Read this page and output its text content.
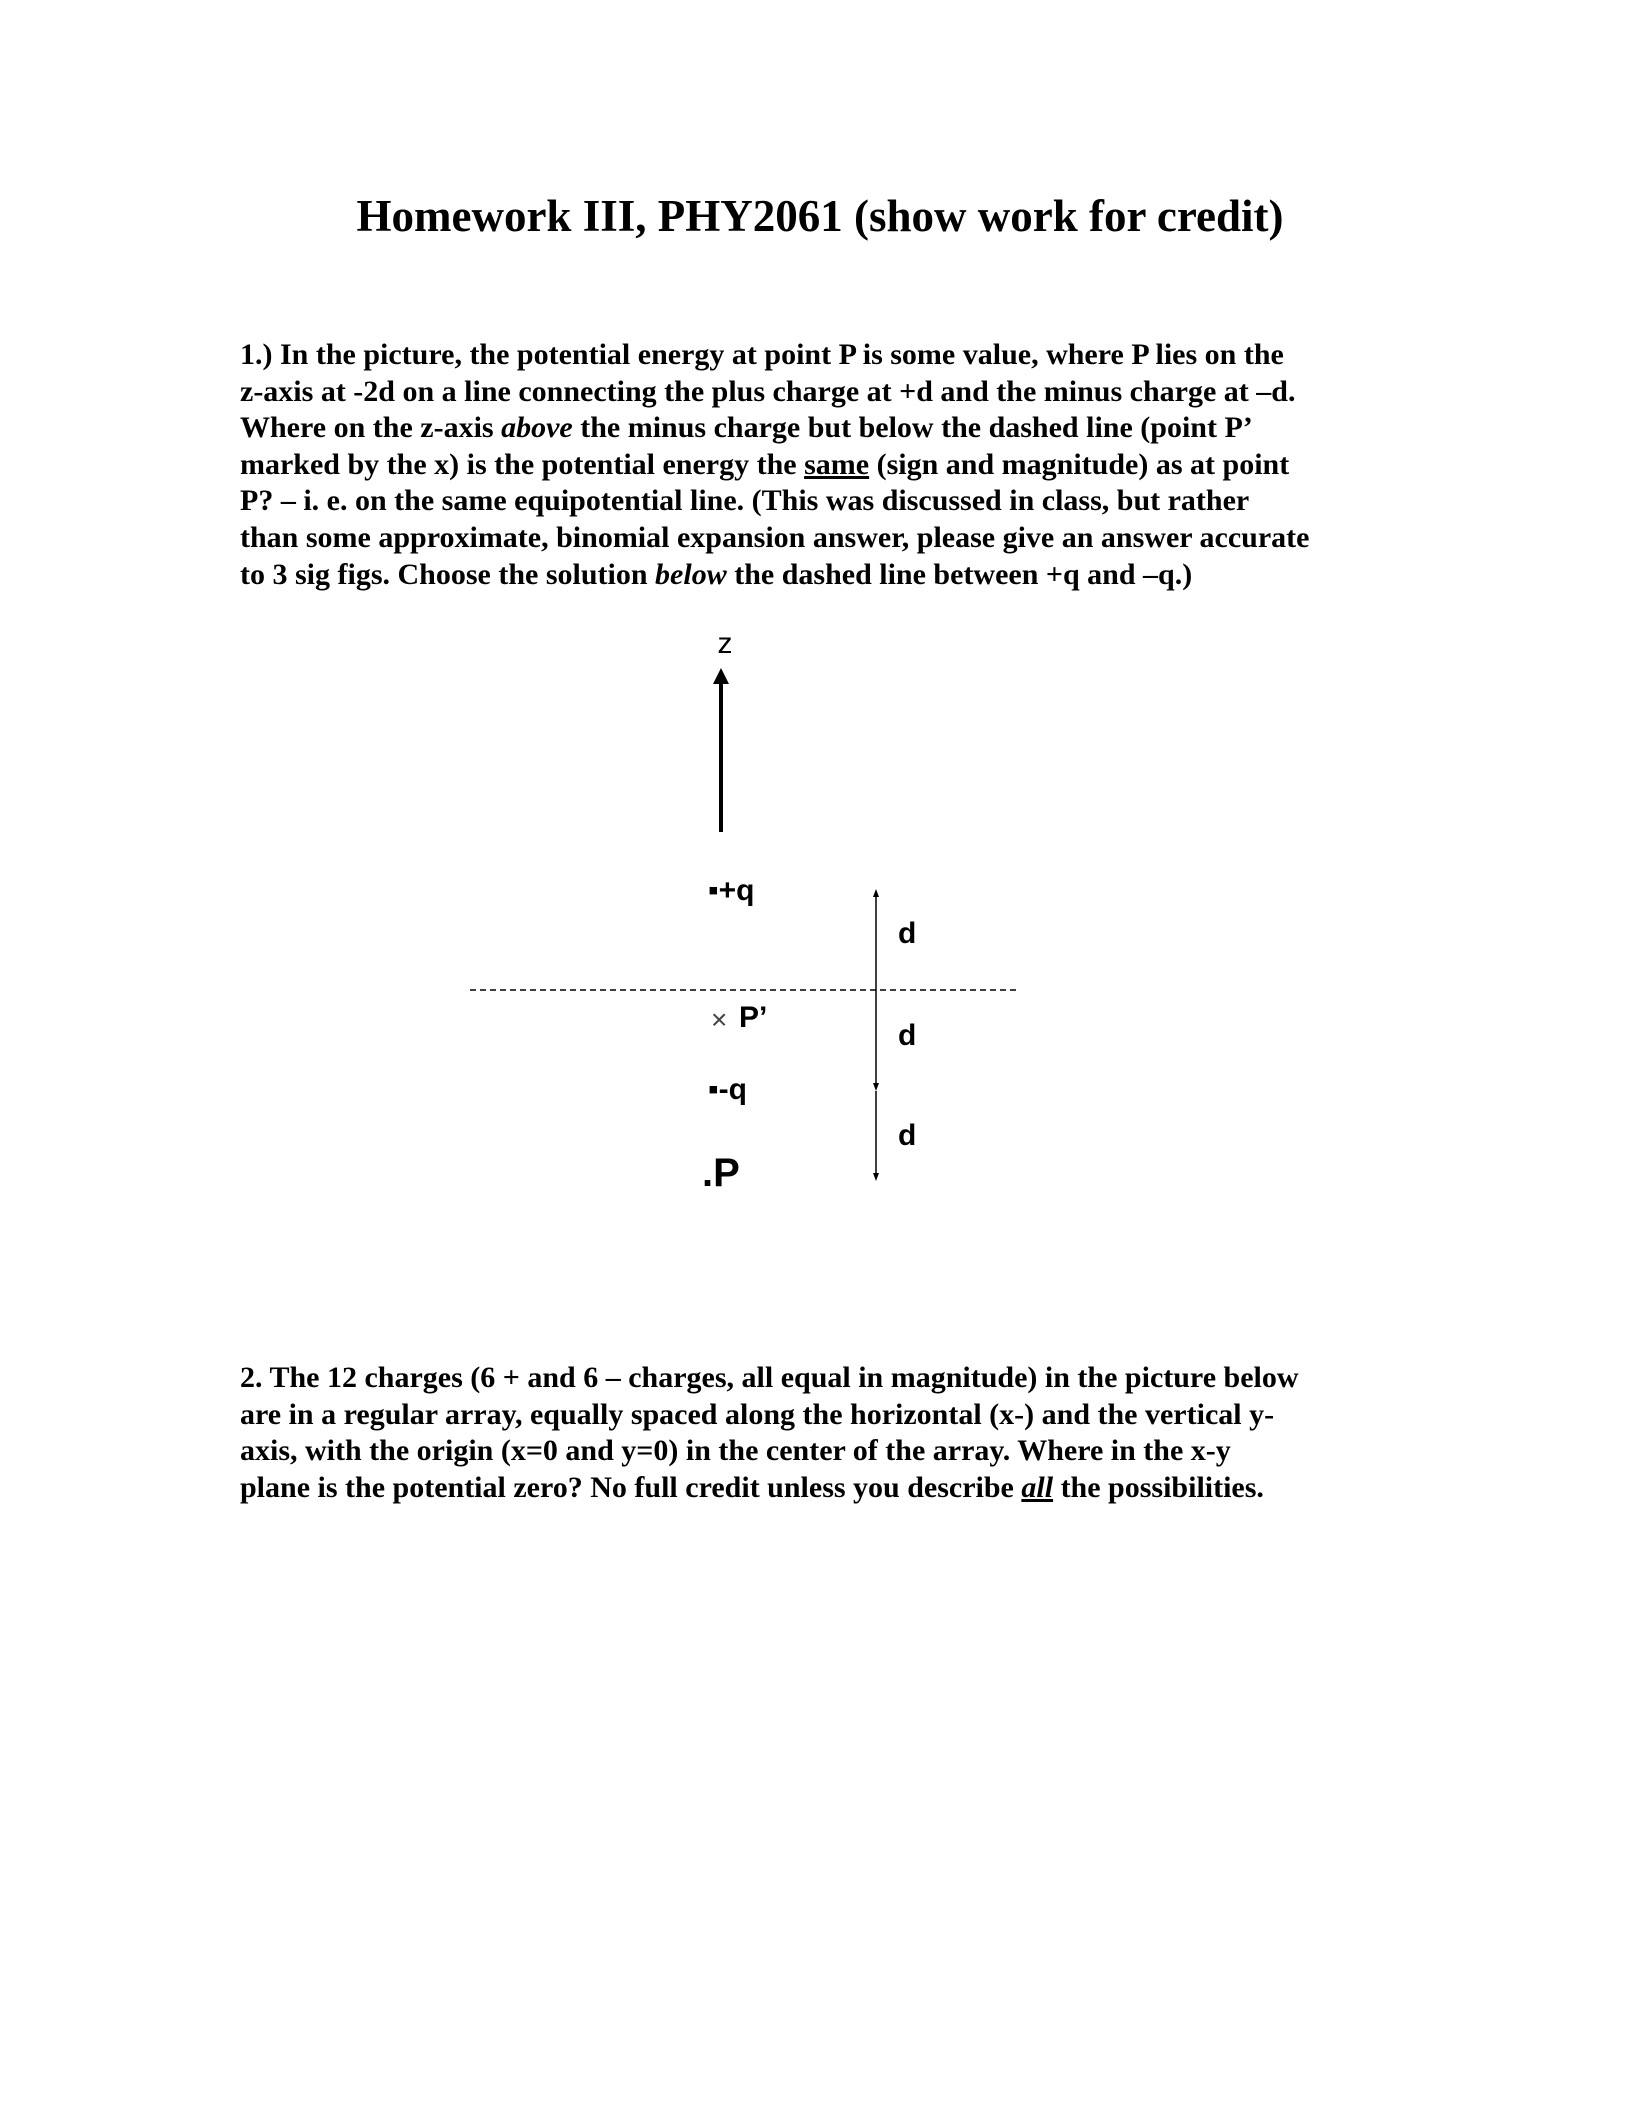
Homework III, PHY2061 (show work for credit)
1.) In the picture, the potential energy at point P is some value, where P lies on the
z-axis at -2d on a line connecting the plus charge at +d and the minus charge at –d.
Where on the z-axis above the minus charge but below the dashed line (point P’
marked by the x) is the potential energy the same (sign and magnitude) as at point
P? – i. e. on the same equipotential line. (This was discussed in class, but rather
than some approximate, binomial expansion answer, please give an answer accurate
to 3 sig figs. Choose the solution below the dashed line between +q and –q.)
z
▪+q
× P’
▪-q
.P
d
d
d
2. The 12 charges (6 + and 6 – charges, all equal in magnitude) in the picture below
are in a regular array, equally spaced along the horizontal (x-) and the vertical y-
axis, with the origin (x=0 and y=0) in the center of the array. Where in the x-y
plane is the potential zero? No full credit unless you describe all the possibilities.
